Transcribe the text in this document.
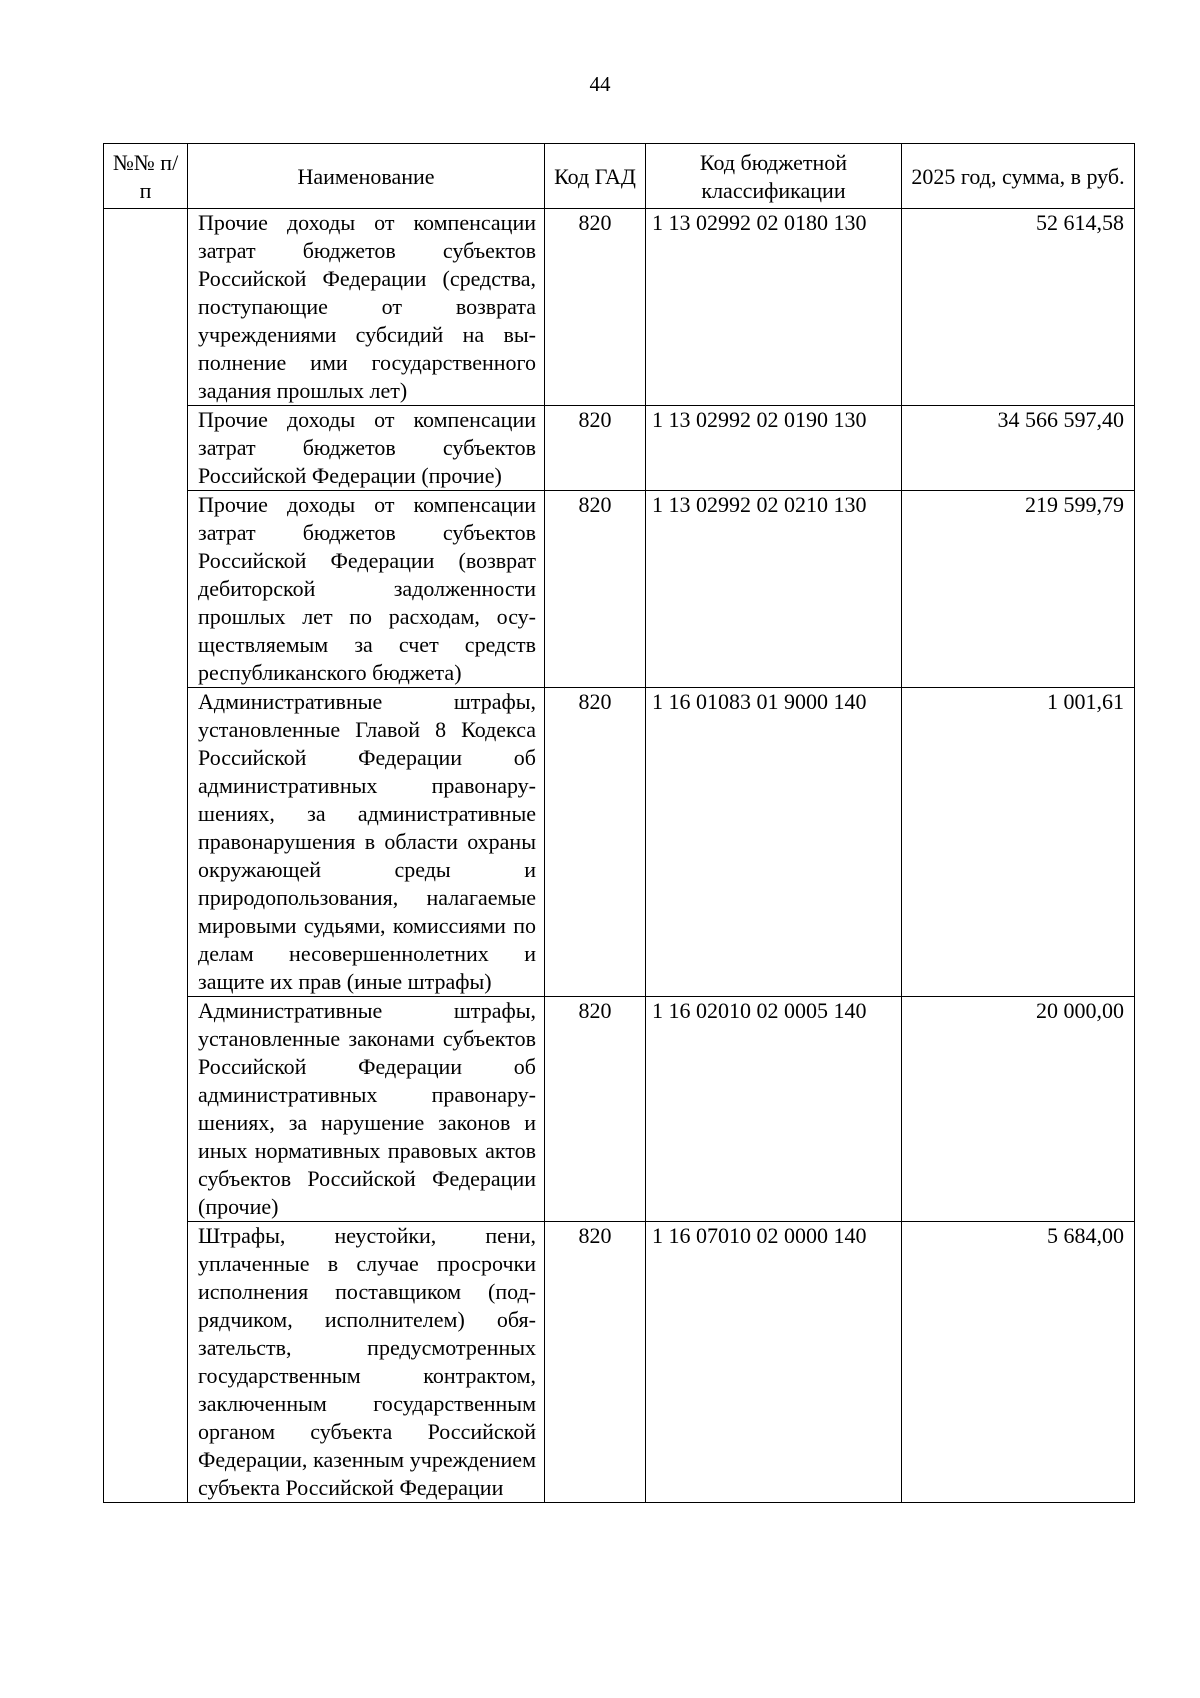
44
№№ п/п	Наименование	Код ГАД	Код бюджетной классификации	2025 год, сумма, в руб.
	Прочие доходы от компенсации затрат бюджетов субъектов Российской Федерации (средства, поступающие от возврата учреждениями субсидий на выполнение ими государственного задания прошлых лет)	820	1 13 02992 02 0180 130	52 614,58
	Прочие доходы от компенсации затрат бюджетов субъектов Российской Федерации (прочие)	820	1 13 02992 02 0190 130	34 566 597,40
	Прочие доходы от компенсации затрат бюджетов субъектов Российской Федерации (возврат дебиторской задолженности прошлых лет по расходам, осуществляемым за счет средств республиканского бюджета)	820	1 13 02992 02 0210 130	219 599,79
	Административные штрафы, установленные Главой 8 Кодекса Российской Федерации об административных правонарушениях, за административные правонарушения в области охраны окружающей среды и природопользования, налагаемые мировыми судьями, комиссиями по делам несовершеннолетних и защите их прав (иные штрафы)	820	1 16 01083 01 9000 140	1 001,61
	Административные штрафы, установленные законами субъектов Российской Федерации об административных правонарушениях, за нарушение законов и иных нормативных правовых актов субъектов Российской Федерации (прочие)	820	1 16 02010 02 0005 140	20 000,00
	Штрафы, неустойки, пени, уплаченные в случае просрочки исполнения поставщиком (подрядчиком, исполнителем) обязательств, предусмотренных государственным контрактом, заключенным государственным органом субъекта Российской Федерации, казенным учреждением субъекта Российской Федерации	820	1 16 07010 02 0000 140	5 684,00
